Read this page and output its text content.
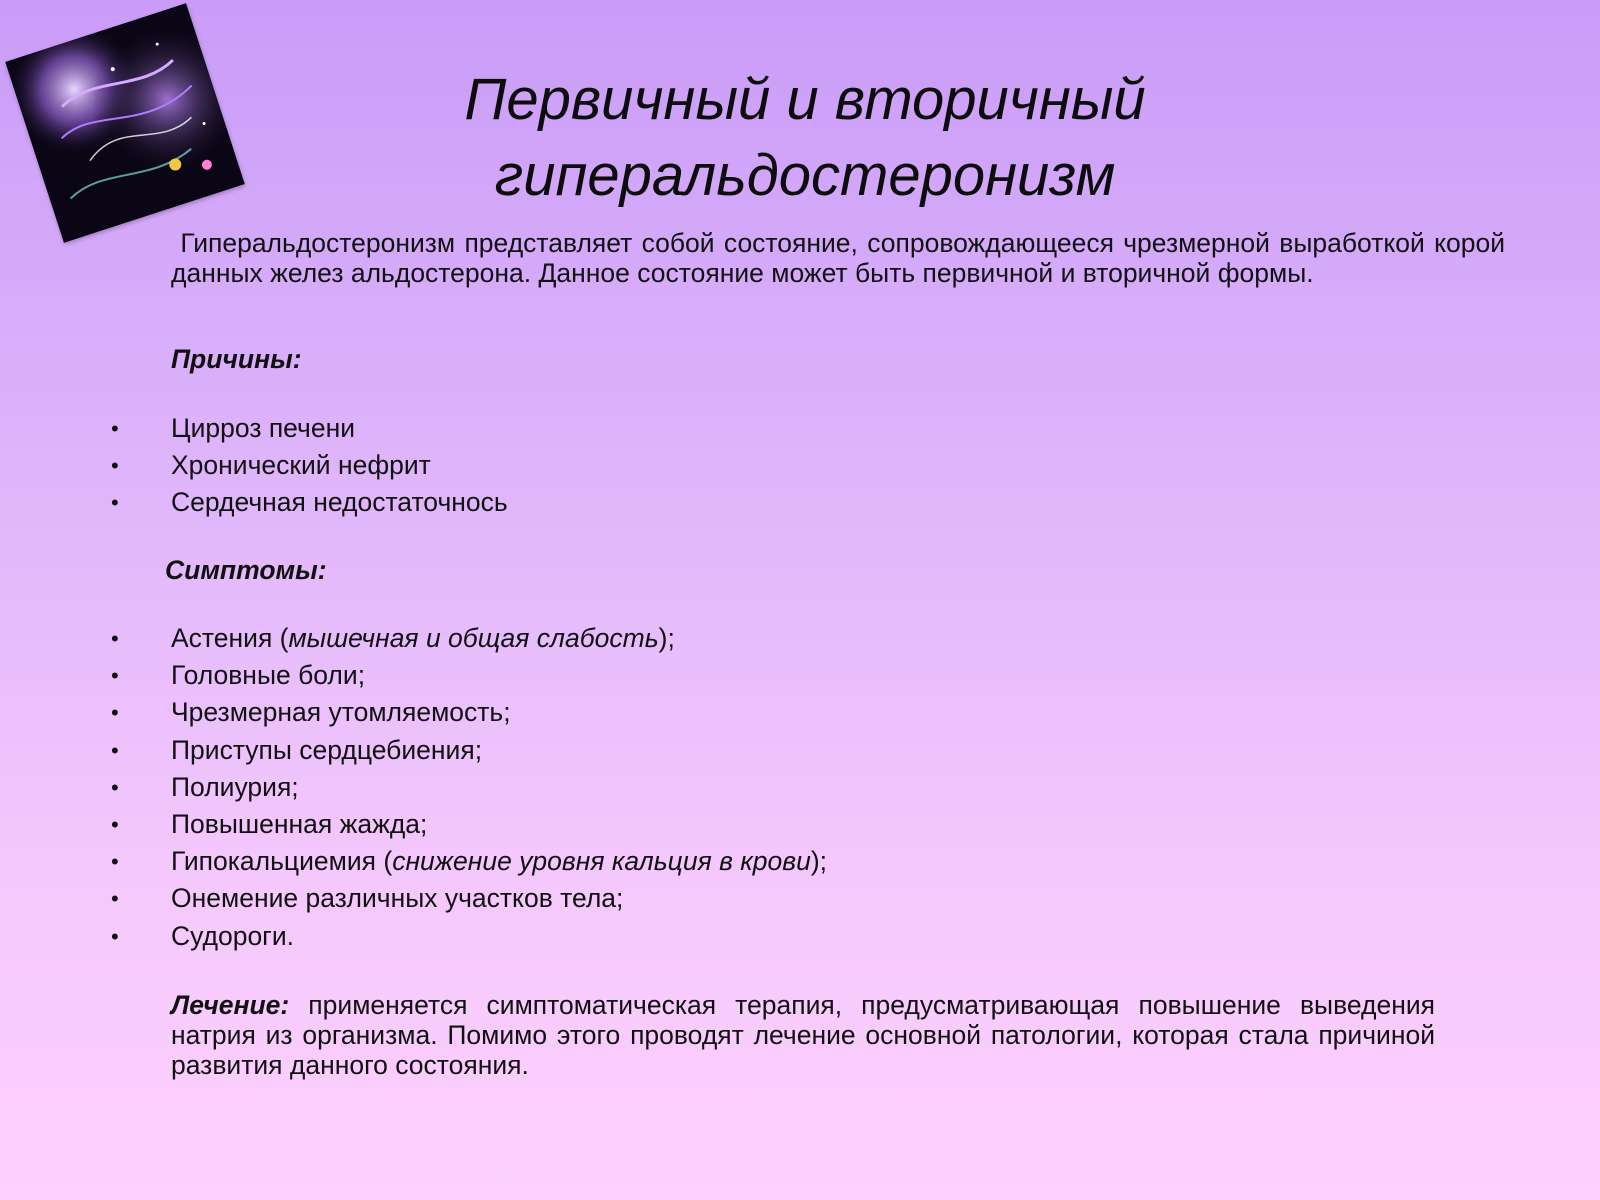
Первичный и вторичный
гиперальдостеронизм

Гиперальдостеронизм представляет собой состояние, сопровождающееся чрезмерной выработкой корой данных желез альдостерона. Данное состояние может быть первичной и вторичной формы.

Причины:

• Цирроз печени
• Хронический нефрит
• Сердечная недостаточнось

Симптомы:

• Астения (мышечная и общая слабость);
• Головные боли;
• Чрезмерная утомляемость;
• Приступы сердцебиения;
• Полиурия;
• Повышенная жажда;
• Гипокальциемия (снижение уровня кальция в крови);
• Онемение различных участков тела;
• Судороги.

Лечение: применяется симптоматическая терапия, предусматривающая повышение выведения натрия из организма. Помимо этого проводят лечение основной патологии, которая стала причиной развития данного состояния.
